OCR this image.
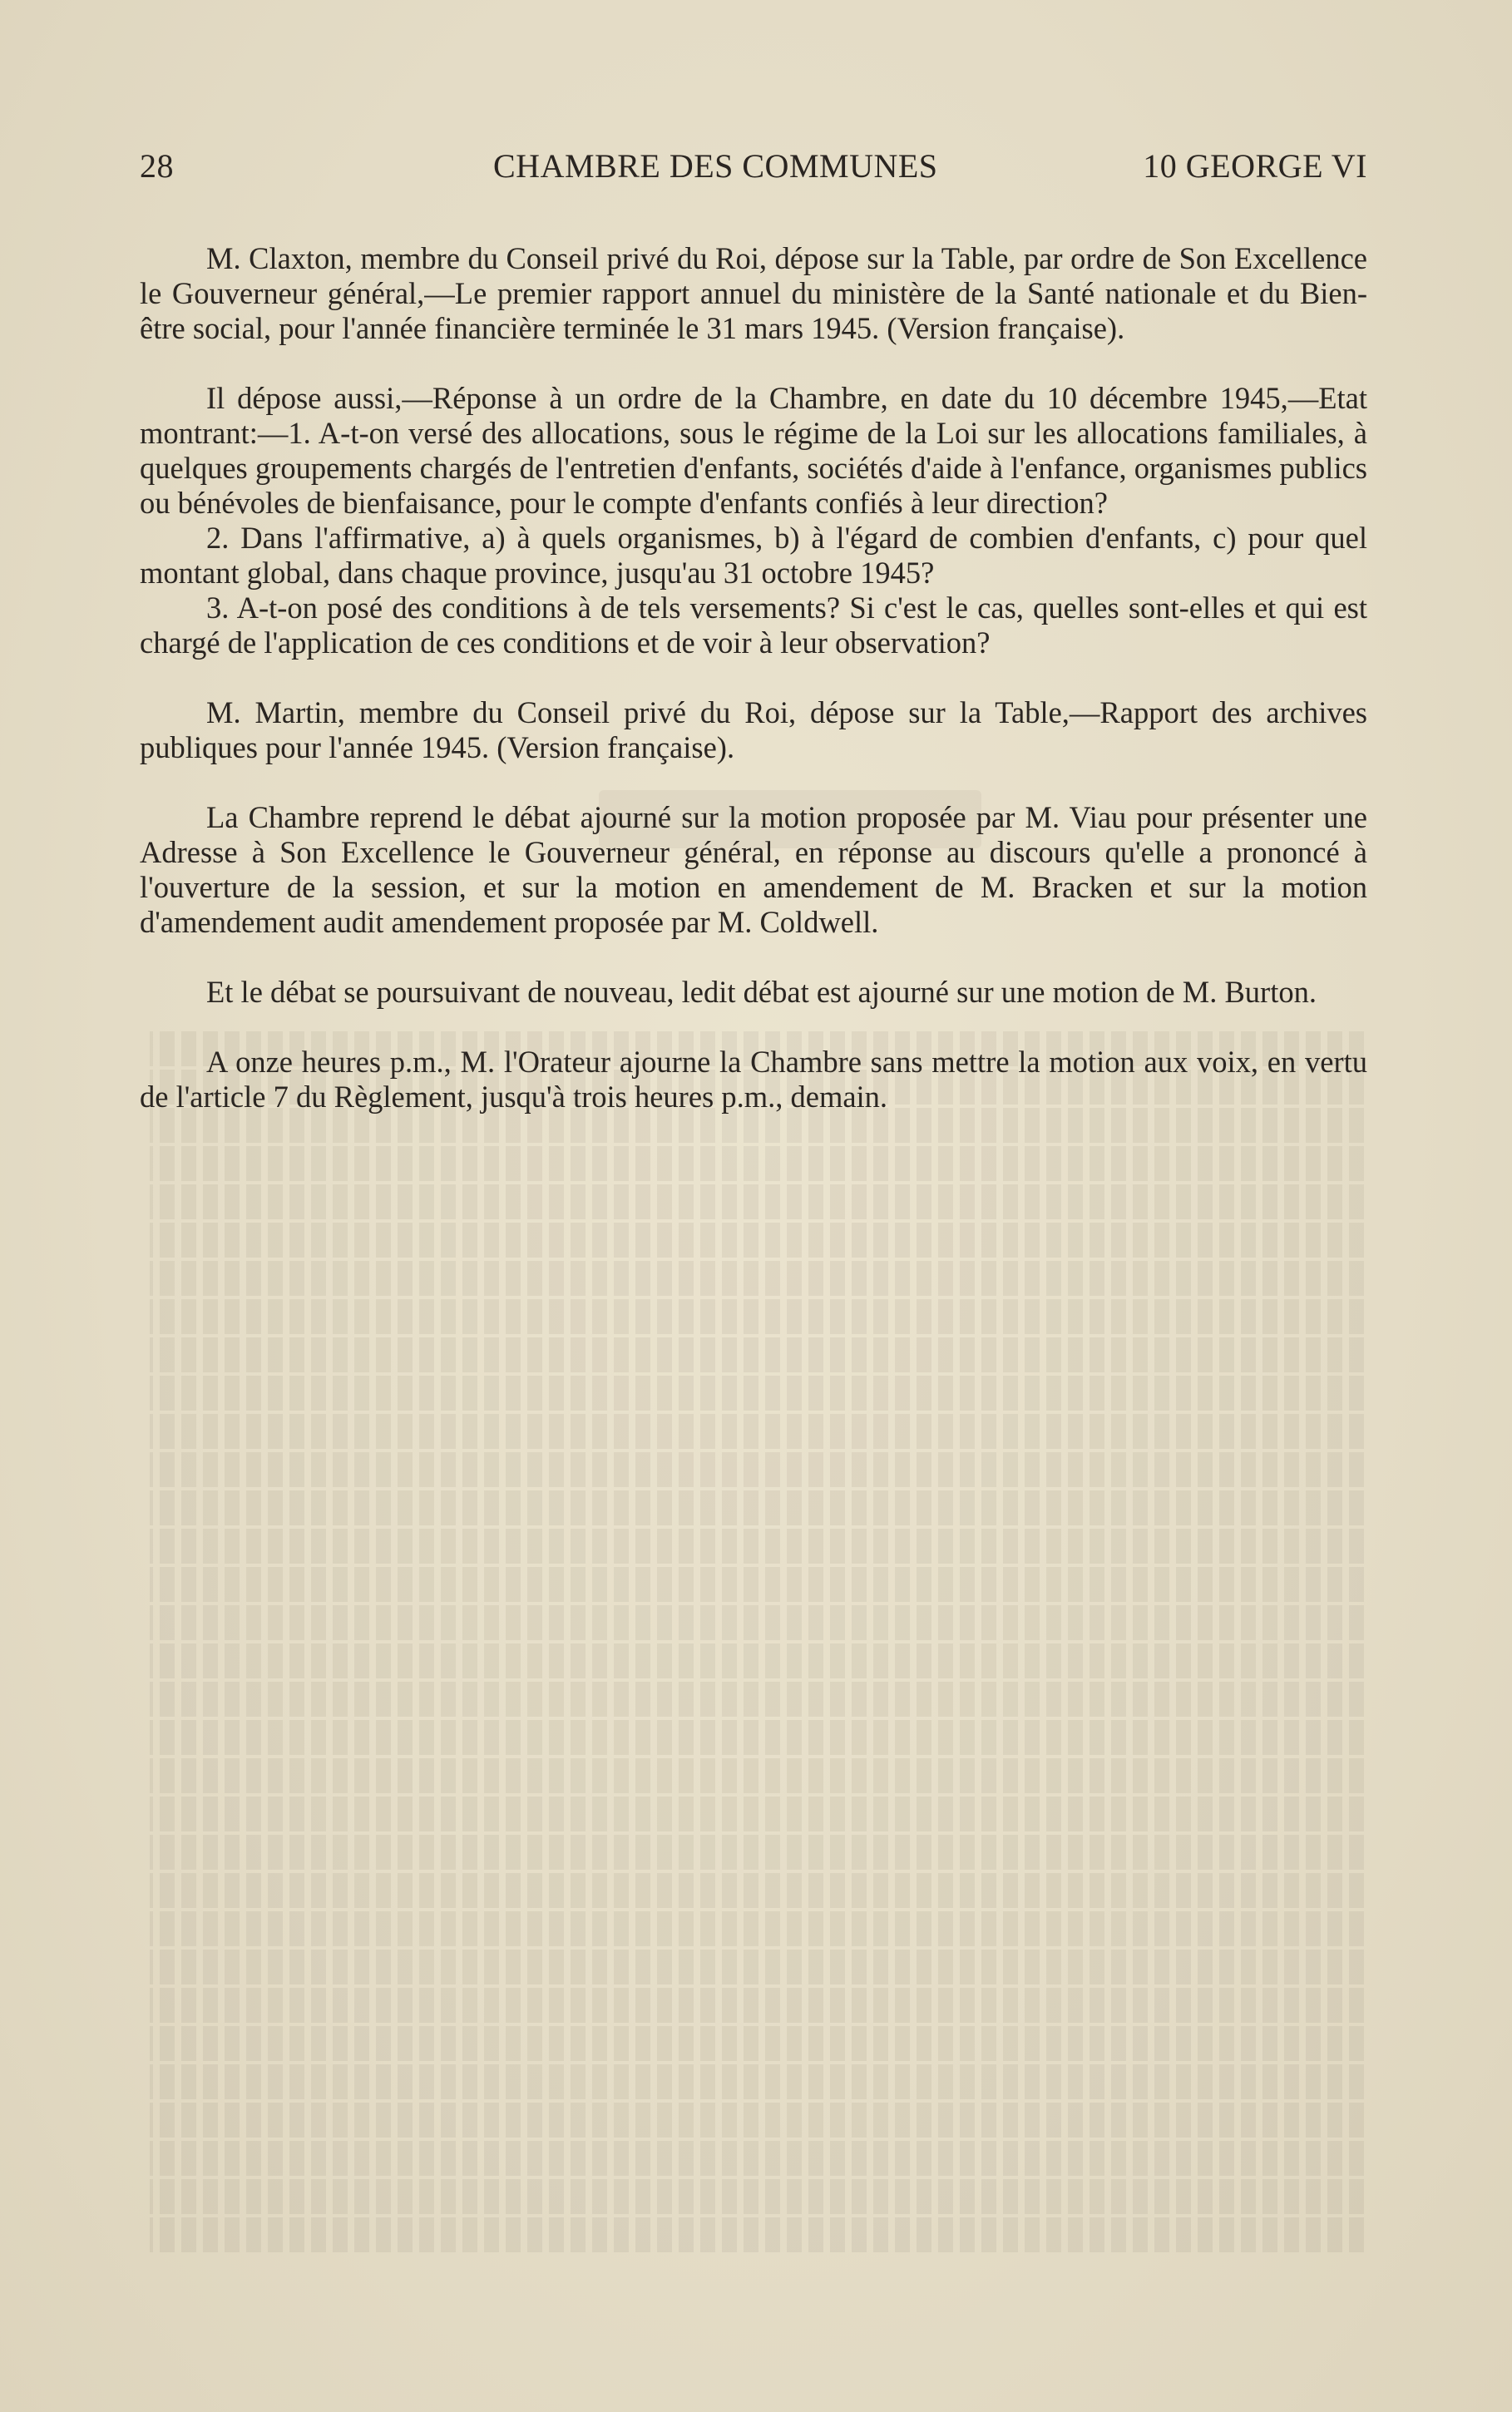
28	CHAMBRE DES COMMUNES	10 GEORGE VI

M. Claxton, membre du Conseil privé du Roi, dépose sur la Table, par ordre de Son Excellence le Gouverneur général,—Le premier rapport annuel du ministère de la Santé nationale et du Bien-être social, pour l'année financière terminée le 31 mars 1945. (Version française).

Il dépose aussi,—Réponse à un ordre de la Chambre, en date du 10 décembre 1945,—Etat montrant:—1. A-t-on versé des allocations, sous le régime de la Loi sur les allocations familiales, à quelques groupements chargés de l'entretien d'enfants, sociétés d'aide à l'enfance, organismes publics ou bénévoles de bienfaisance, pour le compte d'enfants confiés à leur direction?

2. Dans l'affirmative, a) à quels organismes, b) à l'égard de combien d'enfants, c) pour quel montant global, dans chaque province, jusqu'au 31 octobre 1945?

3. A-t-on posé des conditions à de tels versements? Si c'est le cas, quelles sont-elles et qui est chargé de l'application de ces conditions et de voir à leur observation?

M. Martin, membre du Conseil privé du Roi, dépose sur la Table,—Rapport des archives publiques pour l'année 1945. (Version française).

La Chambre reprend le débat ajourné sur la motion proposée par M. Viau pour présenter une Adresse à Son Excellence le Gouverneur général, en réponse au discours qu'elle a prononcé à l'ouverture de la session, et sur la motion en amendement de M. Bracken et sur la motion d'amendement audit amendement proposée par M. Coldwell.

Et le débat se poursuivant de nouveau, ledit débat est ajourné sur une motion de M. Burton.

A onze heures p.m., M. l'Orateur ajourne la Chambre sans mettre la motion aux voix, en vertu de l'article 7 du Règlement, jusqu'à trois heures p.m., demain.
